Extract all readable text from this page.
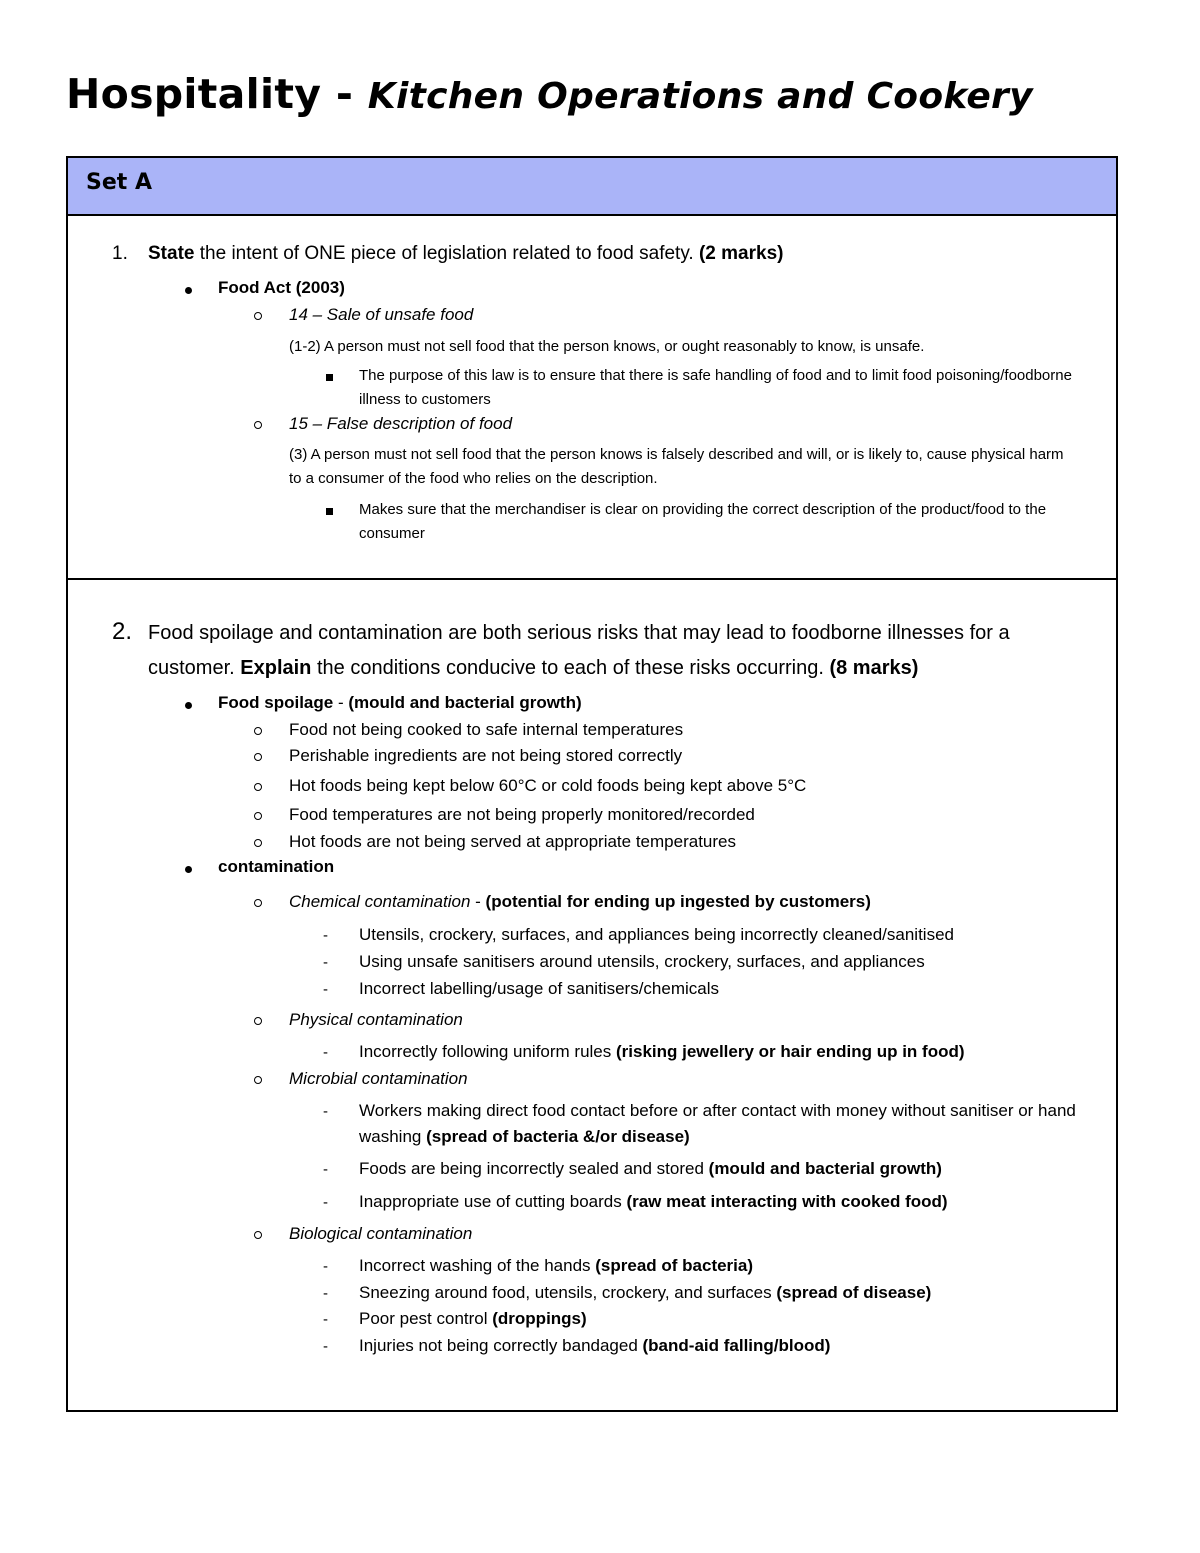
Hospitality - Kitchen Operations and Cookery
Set A
1. State the intent of ONE piece of legislation related to food safety. (2 marks)
Food Act (2003)
14 – Sale of unsafe food
(1-2) A person must not sell food that the person knows, or ought reasonably to know, is unsafe.
The purpose of this law is to ensure that there is safe handling of food and to limit food poisoning/foodborne
illness to customers
15 – False description of food
(3) A person must not sell food that the person knows is falsely described and will, or is likely to, cause physical harm
to a consumer of the food who relies on the description.
Makes sure that the merchandiser is clear on providing the correct description of the product/food to the
consumer
2. Food spoilage and contamination are both serious risks that may lead to foodborne illnesses for a
customer. Explain the conditions conducive to each of these risks occurring. (8 marks)
Food spoilage - (mould and bacterial growth)
Food not being cooked to safe internal temperatures
Perishable ingredients are not being stored correctly
Hot foods being kept below 60°C or cold foods being kept above 5°C
Food temperatures are not being properly monitored/recorded
Hot foods are not being served at appropriate temperatures
contamination
Chemical contamination - (potential for ending up ingested by customers)
- Utensils, crockery, surfaces, and appliances being incorrectly cleaned/sanitised
- Using unsafe sanitisers around utensils, crockery, surfaces, and appliances
- Incorrect labelling/usage of sanitisers/chemicals
Physical contamination
- Incorrectly following uniform rules (risking jewellery or hair ending up in food)
Microbial contamination
- Workers making direct food contact before or after contact with money without sanitiser or hand
washing (spread of bacteria &/or disease)
- Foods are being incorrectly sealed and stored (mould and bacterial growth)
- Inappropriate use of cutting boards (raw meat interacting with cooked food)
Biological contamination
- Incorrect washing of the hands (spread of bacteria)
- Sneezing around food, utensils, crockery, and surfaces (spread of disease)
- Poor pest control (droppings)
- Injuries not being correctly bandaged (band-aid falling/blood)
